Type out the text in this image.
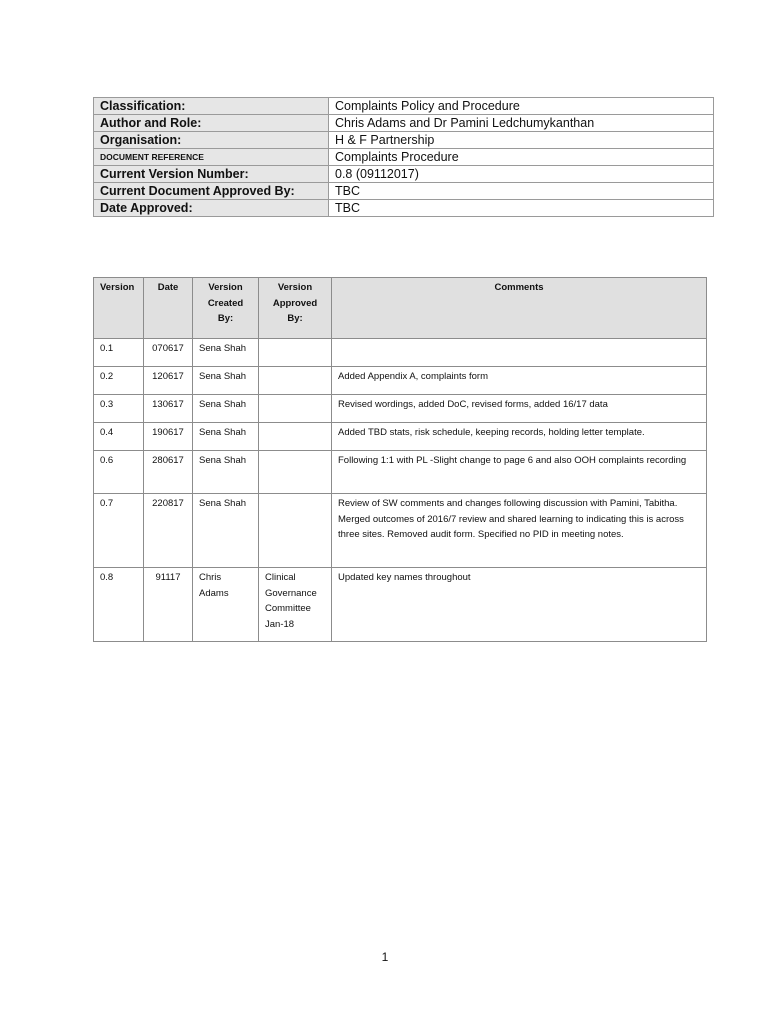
Classification:	Complaints Policy and Procedure
Author and Role:	Chris Adams and Dr Pamini Ledchumykanthan
Organisation:	H & F Partnership
DOCUMENT REFERENCE	Complaints Procedure
Current Version Number:	0.8 (09112017)
Current Document Approved By:	TBC
Date Approved:	TBC
Version	Date	Version Created By:	Version Approved By:	Comments
0.1	070617	Sena Shah		
0.2	120617	Sena Shah		Added Appendix A, complaints form
0.3	130617	Sena Shah		Revised wordings, added DoC, revised forms, added 16/17 data
0.4	190617	Sena Shah		Added TBD stats, risk schedule, keeping records, holding letter template.
0.6	280617	Sena Shah		Following 1:1 with PL -Slight change to page 6 and also OOH complaints recording
0.7	220817	Sena Shah		Review of SW comments and changes following discussion with Pamini, Tabitha. Merged outcomes of 2016/7 review and shared learning to indicating this is across three sites. Removed audit form. Specified no PID in meeting notes.
0.8	91117	Chris Adams	Clinical Governance Committee Jan-18	Updated key names throughout
1
